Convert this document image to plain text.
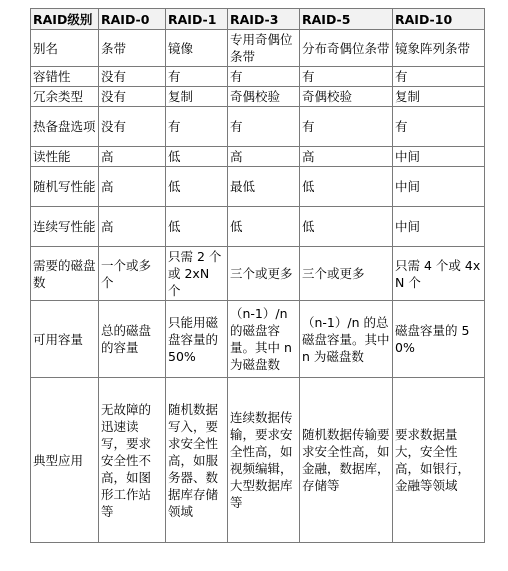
RAID级别	RAID-0	RAID-1	RAID-3	RAID-5	RAID-10
别名	条带	镜像	专用奇偶位条带	分布奇偶位条带	镜象阵列条带
容错性	没有	有	有	有	有
冗余类型	没有	复制	奇偶校验	奇偶校验	复制
热备盘选项	没有	有	有	有	有
读性能	高	低	高	高	中间
随机写性能	高	低	最低	低	中间
连续写性能	高	低	低	低	中间
需要的磁盘数	一个或多个	只需 2 个或 2xN 个	三个或更多	三个或更多	只需 4 个或 4xN 个
可用容量	总的磁盘的容量	只能用磁盘容量的 50%	（n-1）/n 的磁盘容量。其中 n 为磁盘数	（n-1）/n 的总磁盘容量。其中 n 为磁盘数	磁盘容量的 50%
典型应用	无故障的迅速读写，要求安全性不高，如图形工作站等	随机数据写入，要求安全性高，如服务器、数据库存储领域	连续数据传输，要求安全性高，如视频编辑，大型数据库等	随机数据传输要求安全性高，如金融，数据库，存储等	要求数据量大，安全性高，如银行，金融等领域
